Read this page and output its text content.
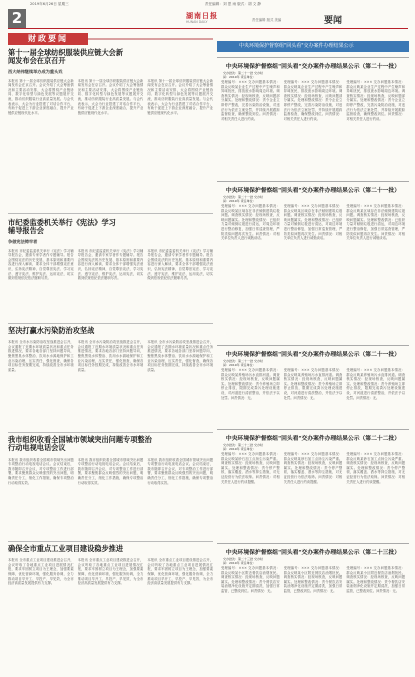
2019年6月26日 星期三	责任编辑：刘 思 雨 版式：胡 文 静
2	湖南日报
HUNAN DAILY	责任编辑 版式 美编	要闻
财政要闻
第十一届全球纺织服装供应链大会新闻发布会在京召开
西大纳伟继续举办成为重头戏
本报讯 第十一届全球纺织服装供应链大会新闻发布会在京召开。会议介绍了大会筹备情况和主要活动安排，大会将围绕产业链协同、数字化转型与绿色发展等议题展开交流，推动纺织服装行业高质量发展。与会代表表示，大会为行业搭建了对话合作平台，有助于促进上下游企业深度融合，提升产业链供应链现代化水平。
本报讯 第十一届全球纺织服装供应链大会新闻发布会在京召开。会议介绍了大会筹备情况和主要活动安排，大会将围绕产业链协同、数字化转型与绿色发展等议题展开交流，推动纺织服装行业高质量发展。与会代表表示，大会为行业搭建了对话合作平台，有助于促进上下游企业深度融合，提升产业链供应链现代化水平。
本报讯 第十一届全球纺织服装供应链大会新闻发布会在京召开。会议介绍了大会筹备情况和主要活动安排，大会将围绕产业链协同、数字化转型与绿色发展等议题展开交流，推动纺织服装行业高质量发展。与会代表表示，大会为行业搭建了对话合作平台，有助于促进上下游企业深度融合，提升产业链供应链现代化水平。
市纪委监委机关举行《宪法》学习辅导报告会
争做宪法铸牢者
本报讯 市纪委监委机关举行《宪法》学习辅导报告会，邀请专家学者作专题辅导。报告会围绕宪法的历史发展、基本原则和重要内容进行深入解读，要求全体干部增强宪法意识，弘扬宪法精神，自觉尊崇宪法、学习宪法、遵守宪法、维护宪法、运用宪法，切实做到依规依纪依法履职尽责。
本报讯 市纪委监委机关举行《宪法》学习辅导报告会，邀请专家学者作专题辅导。报告会围绕宪法的历史发展、基本原则和重要内容进行深入解读，要求全体干部增强宪法意识，弘扬宪法精神，自觉尊崇宪法、学习宪法、遵守宪法、维护宪法、运用宪法，切实做到依规依纪依法履职尽责。
本报讯 市纪委监委机关举行《宪法》学习辅导报告会，邀请专家学者作专题辅导。报告会围绕宪法的历史发展、基本原则和重要内容进行深入解读，要求全体干部增强宪法意识，弘扬宪法精神，自觉尊崇宪法、学习宪法、遵守宪法、维护宪法、运用宪法，切实做到依规依纪依法履职尽责。
坚决打赢水污染防治攻坚战
本报讯 全市水污染防治攻坚战推进会召开，会议通报了近期水环境质量状况和重点任务推进情况，要求各地各部门坚持问题导向，聚焦黑臭水体整治、饮用水水源地保护和工业污染治理，压实责任，强化督查，确保各项目标任务按期完成，持续改善全市水环境质量。
本报讯 全市水污染防治攻坚战推进会召开，会议通报了近期水环境质量状况和重点任务推进情况，要求各地各部门坚持问题导向，聚焦黑臭水体整治、饮用水水源地保护和工业污染治理，压实责任，强化督查，确保各项目标任务按期完成，持续改善全市水环境质量。
本报讯 全市水污染防治攻坚战推进会召开，会议通报了近期水环境质量状况和重点任务推进情况，要求各地各部门坚持问题导向，聚焦黑臭水体整治、饮用水水源地保护和工业污染治理，压实责任，强化督查，确保各项目标任务按期完成，持续改善全市水环境质量。
我市组织收看全国城市领域突出问题专项整治行动电视电话会议
本报讯 我市组织收看全国城市领域突出问题专项整治行动电视电话会议。会议结束后，我市随即召开会议，对专项整治工作进行部署，要求聚焦群众反映强烈的突出问题，明确责任分工，细化工作措施，确保专项整治行动取得实效。
本报讯 我市组织收看全国城市领域突出问题专项整治行动电视电话会议。会议结束后，我市随即召开会议，对专项整治工作进行部署，要求聚焦群众反映强烈的突出问题，明确责任分工，细化工作措施，确保专项整治行动取得实效。
本报讯 我市组织收看全国城市领域突出问题专项整治行动电视电话会议。会议结束后，我市随即召开会议，对专项整治工作进行部署，要求聚焦群众反映强烈的突出问题，明确责任分工，细化工作措施，确保专项整治行动取得实效。
确保全市重点工业项目建设稳步推进
本报讯 全市重点工业项目建设推进会召开，会议听取了各地重点工业项目进展情况汇报，要求牢固树立项目为王理念，加强要素保障，优化营商环境，强化服务协调，全力推动项目早开工、早投产、早见效，为全市经济高质量发展提供有力支撑。
本报讯 全市重点工业项目建设推进会召开，会议听取了各地重点工业项目进展情况汇报，要求牢固树立项目为王理念，加强要素保障，优化营商环境，强化服务协调，全力推动项目早开工、早投产、早见效，为全市经济高质量发展提供有力支撑。
本报讯 全市重点工业项目建设推进会召开，会议听取了各地重点工业项目进展情况汇报，要求牢固树立项目为王理念，加强要素保障，优化营商环境，强化服务协调，全力推动项目早开工、早投产、早见效，为全市经济高质量发展提供有力支撑。
中央环境保护督察组"回头看"交办案件办理结果公示
中央环境保护督察组"回头看"交办案件办理结果公示（第二十一批）
交办批次：第二十一批 交办时间：2019年 责任单位：
受理编号：××× 交办问题基本情况：群众反映某企业生产过程中产生噪声和异味扰民，排放废水影响周边环境。调查核实情况：经现场核查，反映问题部分属实。处理和整改情况：责令企业立即停产整改，完善污染防治设施，对违法行为依法立案处罚，并持续开展跟踪监督检查，确保整改到位。问责情况：对相关责任人进行约谈。
受理编号：××× 交办问题基本情况：群众反映某企业生产过程中产生噪声和异味扰民，排放废水影响周边环境。调查核实情况：经现场核查，反映问题部分属实。处理和整改情况：责令企业立即停产整改，完善污染防治设施，对违法行为依法立案处罚，并持续开展跟踪监督检查，确保整改到位。问责情况：对相关责任人进行约谈。
受理编号：××× 交办问题基本情况：群众反映某企业生产过程中产生噪声和异味扰民，排放废水影响周边环境。调查核实情况：经现场核查，反映问题部分属实。处理和整改情况：责令企业立即停产整改，完善污染防治设施，对违法行为依法立案处罚，并持续开展跟踪监督检查，确保整改到位。问责情况：对相关责任人进行约谈。
中央环境保护督察组"回头看"交办案件办理结果公示（第二十一批）
交办批次：第二十一批 交办时间：2019年 责任单位：
受理编号：××× 交办问题基本情况：群众反映某区域存在非法倾倒建筑垃圾问题。调查核实情况：经现场核查，反映问题属实。处理和整改情况：已组织力量对倾倒垃圾进行清运，对周边环境进行整治修复，加强日常巡查管理，严防类似问题再次发生。问责情况：对相关单位负责人进行诫勉谈话。
受理编号：××× 交办问题基本情况：群众反映某区域存在非法倾倒建筑垃圾问题。调查核实情况：经现场核查，反映问题属实。处理和整改情况：已组织力量对倾倒垃圾进行清运，对周边环境进行整治修复，加强日常巡查管理，严防类似问题再次发生。问责情况：对相关单位负责人进行诫勉谈话。
受理编号：××× 交办问题基本情况：群众反映某区域存在非法倾倒建筑垃圾问题。调查核实情况：经现场核查，反映问题属实。处理和整改情况：已组织力量对倾倒垃圾进行清运，对周边环境进行整治修复，加强日常巡查管理，严防类似问题再次发生。问责情况：对相关单位负责人进行诫勉谈话。
中央环境保护督察组"回头看"交办案件办理结果公示（第二十一批）
交办批次：第二十一批 交办时间：2019年 责任单位：
受理编号：××× 交办问题基本情况：群众反映某养殖场污水直排河道。调查核实情况：经现场核查，反映问题属实。处理和整改情况：责令养殖场立即停止排放，限期完成粪污处理设施建设，对河道进行清淤整治，并依法予以处罚。问责情况：无。
受理编号：××× 交办问题基本情况：群众反映某养殖场污水直排河道。调查核实情况：经现场核查，反映问题属实。处理和整改情况：责令养殖场立即停止排放，限期完成粪污处理设施建设，对河道进行清淤整治，并依法予以处罚。问责情况：无。
受理编号：××× 交办问题基本情况：群众反映某养殖场污水直排河道。调查核实情况：经现场核查，反映问题属实。处理和整改情况：责令养殖场立即停止排放，限期完成粪污处理设施建设，对河道进行清淤整治，并依法予以处罚。问责情况：无。
中央环境保护督察组"回头看"交办案件办理结果公示（第二十二批）
交办批次：第二十二批 交办时间：2019年 责任单位：
受理编号：××× 交办问题基本情况：群众反映某砂石加工点扬尘污染严重。调查核实情况：经现场核查，反映问题属实。处理和整改情况：责令停产整顿，落实覆盖、洒水等抑尘措施，对无证经营行为依法取缔。问责情况：对相关责任人进行约谈提醒。
受理编号：××× 交办问题基本情况：群众反映某砂石加工点扬尘污染严重。调查核实情况：经现场核查，反映问题属实。处理和整改情况：责令停产整顿，落实覆盖、洒水等抑尘措施，对无证经营行为依法取缔。问责情况：对相关责任人进行约谈提醒。
受理编号：××× 交办问题基本情况：群众反映某砂石加工点扬尘污染严重。调查核实情况：经现场核查，反映问题属实。处理和整改情况：责令停产整顿，落实覆盖、洒水等抑尘措施，对无证经营行为依法取缔。问责情况：对相关责任人进行约谈提醒。
中央环境保护督察组"回头看"交办案件办理结果公示（第二十三批）
交办批次：第二十三批 交办时间：2019年 责任单位：
受理编号：××× 交办问题基本情况：群众反映某小区附近餐饮店油烟扰民。调查核实情况：经现场核查，反映问题属实。处理和整改情况：责令餐饮店安装油烟净化设施并定期清洗，加强日常监管，已整改到位。问责情况：无。
受理编号：××× 交办问题基本情况：群众反映某小区附近餐饮店油烟扰民。调查核实情况：经现场核查，反映问题属实。处理和整改情况：责令餐饮店安装油烟净化设施并定期清洗，加强日常监管，已整改到位。问责情况：无。
受理编号：××× 交办问题基本情况：群众反映某小区附近餐饮店油烟扰民。调查核实情况：经现场核查，反映问题属实。处理和整改情况：责令餐饮店安装油烟净化设施并定期清洗，加强日常监管，已整改到位。问责情况：无。
